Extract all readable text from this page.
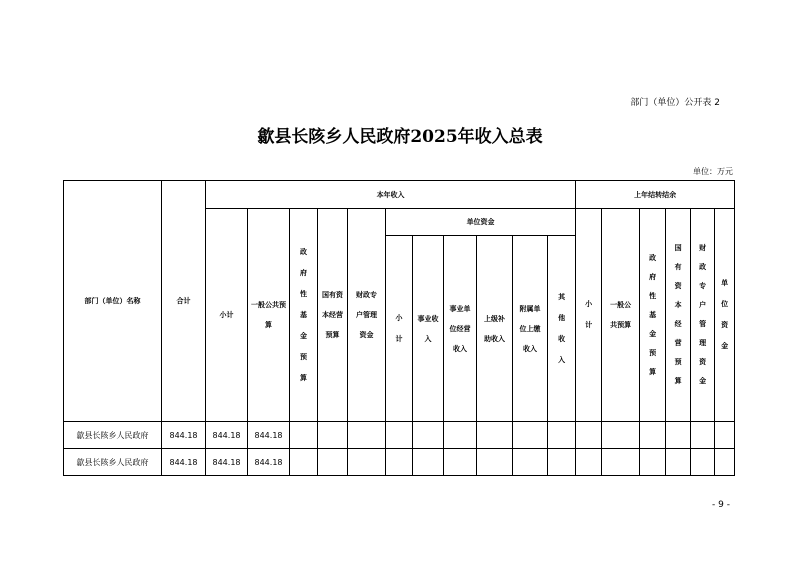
部门（单位）公开表 2
歙县长陔乡人民政府2025年收入总表
单位：万元
部门（单位）名称	合计	本年收入											上年结转结余					
		小计	一般公共预算	政府性基金预算	国有资本经营预算	财政专户管理资金	单位资金						小计	一般公共预算	政府性基金预算	国有资本经营预算	财政专户管理资金	单位资金

							小计	事业收入	事业单位经营收入	上级补助收入	附属单位上缴收入	其他收入						

歙县长陔乡人民政府	844.18	844.18	844.18															
歙县长陔乡人民政府	844.18	844.18	844.18															
- 9 -
